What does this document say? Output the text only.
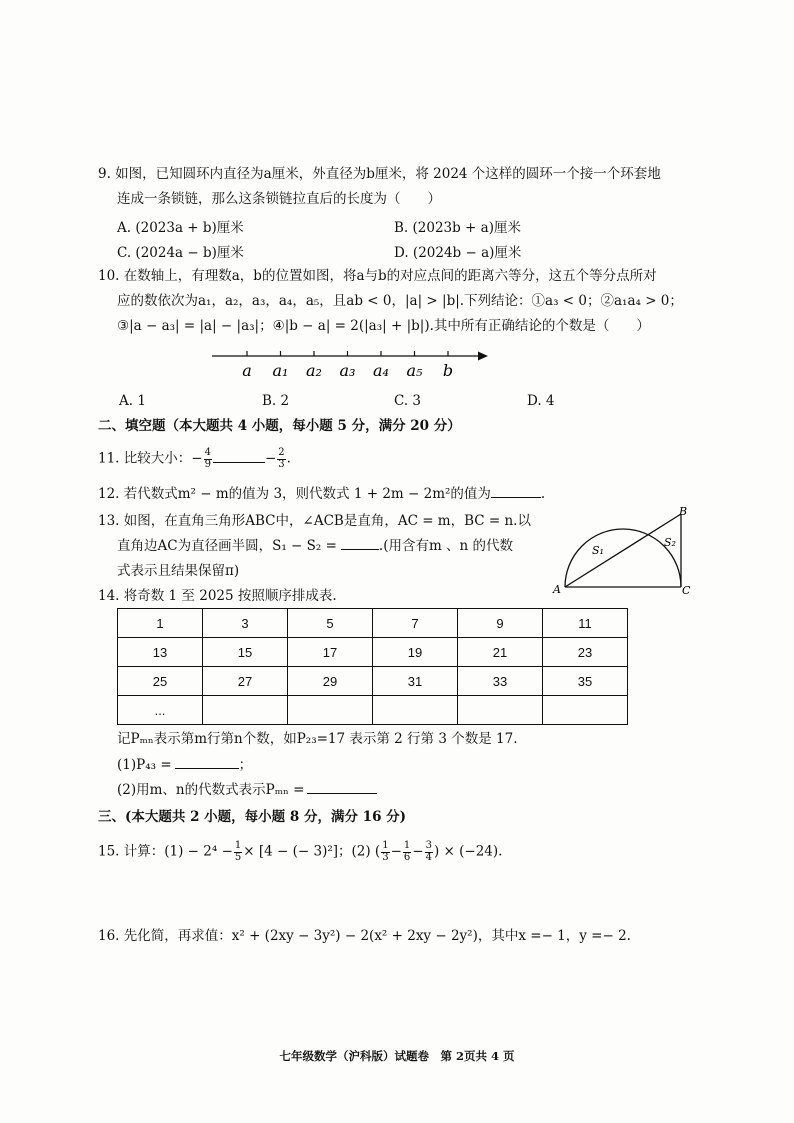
9. 如图，已知圆环内直径为a厘米，外直径为b厘米，将 2024 个这样的圆环一个接一个环套地
连成一条锁链，那么这条锁链拉直后的长度为（　　）
A. (2023a + b)厘米	B. (2023b + a)厘米
C. (2024a − b)厘米	D. (2024b − a)厘米
10. 在数轴上，有理数a，b的位置如图，将a与b的对应点间的距离六等分，这五个等分点所对
应的数依次为a₁，a₂，a₃，a₄，a₅，且ab < 0，|a| > |b|.下列结论：①a₃ < 0；②a₁a₄ > 0；
③|a − a₃| = |a| − |a₃|；④|b − a| = 2(|a₃| + |b|).其中所有正确结论的个数是（　　）
a a₁ a₂ a₃ a₄ a₅ b
A. 1	B. 2	C. 3	D. 4
二、填空题（本大题共 4 小题，每小题 5 分，满分 20 分）
11. 比较大小：− $\frac{4}{9}$	− $\frac{2}{3}$ .
12. 若代数式m² − m的值为 3，则代数式 1 + 2m − 2m²的值为	.
13. 如图，在直角三角形ABC中，∠ACB是直角，AC = m，BC = n.以
直角边AC为直径画半圆，S₁ − S₂ =	.(用含有m 、n 的代数
式表示且结果保留π)
A
B
C
S₁
S₂
14. 将奇数 1 至 2025 按照顺序排成表.
1	3	5	7	9	11
13	15	17	19	21	23
25	27	29	31	33	35
...					
记Pₘₙ表示第m行第n个数，如P₂₃=17 表示第 2 行第 3 个数是 17.
(1)P₄₃ =	；
(2)用m、n的代数式表示Pₘₙ =
三、(本大题共 2 小题，每小题 8 分，满分 16 分)
15. 计算：$(1) - 2^4 - \frac{1}{5} \times [4$ − (− 3)²]；(2) ( $\frac{1}{3} - \frac{1}{6} - \frac{3}{4}$ ) × (−24).
16. 先化简，再求值：x² + (2xy − 3y²) − 2(x² + 2xy − 2y²)，其中x =− 1，y =− 2.
七年级数学（沪科版）试题卷　第 2页共 4 页
